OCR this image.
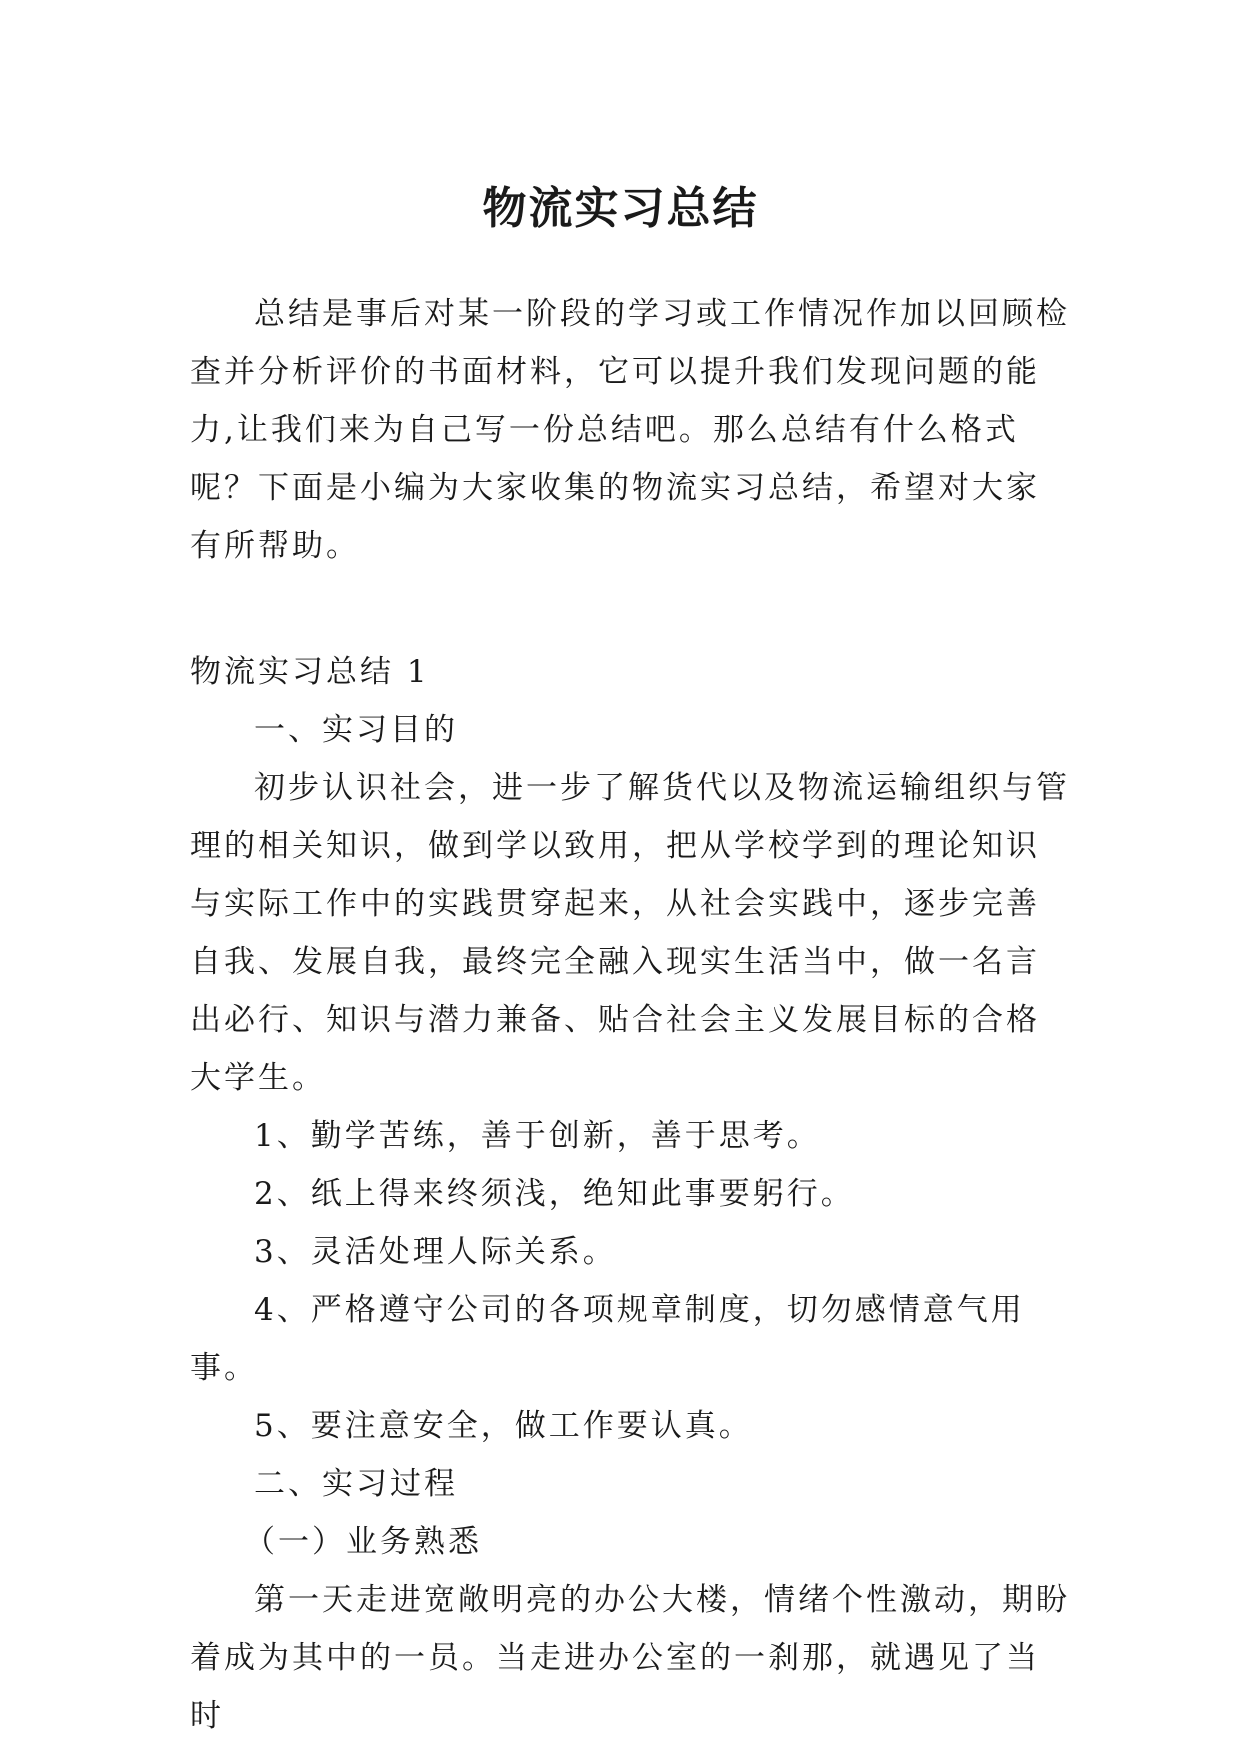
物流实习总结

总结是事后对某一阶段的学习或工作情况作加以回顾检查并分析评价的书面材料，它可以提升我们发现问题的能力,让我们来为自己写一份总结吧。那么总结有什么格式呢？下面是小编为大家收集的物流实习总结，希望对大家有所帮助。

物流实习总结 1

一、实习目的

初步认识社会，进一步了解货代以及物流运输组织与管理的相关知识，做到学以致用，把从学校学到的理论知识与实际工作中的实践贯穿起来，从社会实践中，逐步完善自我、发展自我，最终完全融入现实生活当中，做一名言出必行、知识与潜力兼备、贴合社会主义发展目标的合格大学生。

1、勤学苦练，善于创新，善于思考。

2、纸上得来终须浅，绝知此事要躬行。

3、灵活处理人际关系。

4、严格遵守公司的各项规章制度，切勿感情意气用事。

5、要注意安全，做工作要认真。

二、实习过程

（一）业务熟悉

第一天走进宽敞明亮的办公大楼，情绪个性激动，期盼着成为其中的一员。当走进办公室的一刹那，就遇见了当时
